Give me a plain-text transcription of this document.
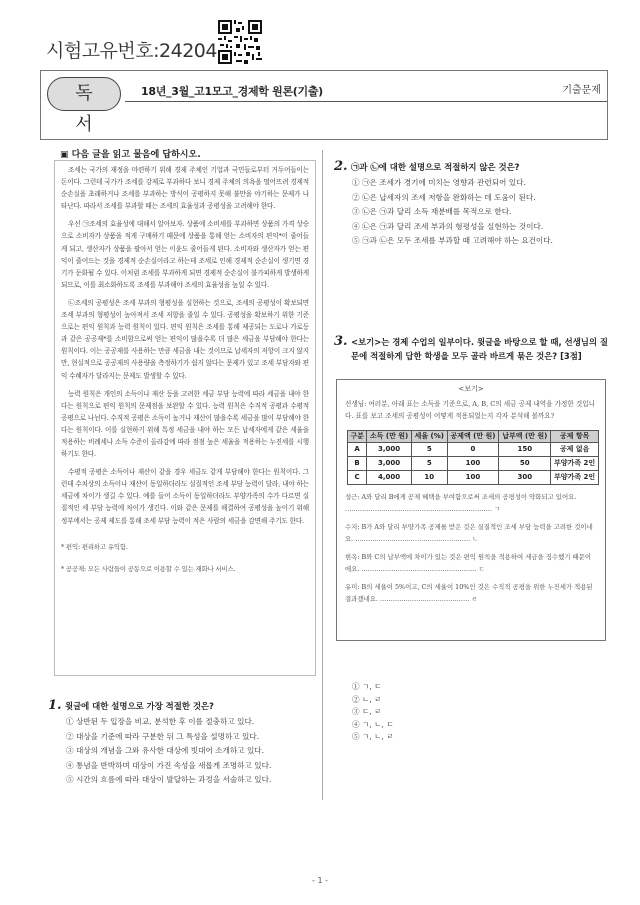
시험고유번호:24204
독 서
18년_3월_고1모고_경제학 원론(기출)	기출문제
▣ 다음 글을 읽고 물음에 답하시오.

조세는 국가의 재정을 마련하기 위해 경제 주체인 기업과 국민들로부터 거두어들이는 돈이다. 그런데 국가가 조세를 강제로 부과하다 보니 경제 주체의 의욕을 떨어뜨려 경제적 순손실을 초래하거나 조세를 부과하는 방식이 공평하지 못해 불만을 야기하는 문제가 나타난다. 따라서 조세를 부과할 때는 조세의 효율성과 공평성을 고려해야 한다.

우선 ㉠조세의 효율성에 대해서 알아보자. 상품에 소비세를 부과하면 상품의 가격 상승으로 소비자가 상품을 적게 구매하기 때문에 상품을 통해 얻는 소비자의 편익*이 줄어들게 되고, 생산자가 상품을 팔아서 얻는 이윤도 줄어들게 된다. 소비자와 생산자가 얻는 편익이 줄어드는 것을 경제적 순손실이라고 하는데 조세로 인해 경제적 순손실이 생기면 경기가 둔화될 수 있다. 이처럼 조세를 부과하게 되면 경제적 순손실이 불가피하게 발생하게 되므로, 이를 최소화하도록 조세를 부과해야 조세의 효율성을 높일 수 있다.

㉡조세의 공평성은 조세 부과의 형평성을 실현하는 것으로, 조세의 공평성이 확보되면 조세 부과의 형평성이 높아져서 조세 저항을 줄일 수 있다. 공평성을 확보하기 위한 기준으로는 편익 원칙과 능력 원칙이 있다. 편익 원칙은 조세를 통해 제공되는 도로나 가로등과 같은 공공재*를 소비함으로써 얻는 편익이 많을수록 더 많은 세금을 부담해야 한다는 원칙이다. 이는 공공재를 사용하는 만큼 세금을 내는 것이므로 납세자의 저항이 크지 않지만, 현실적으로 공공재의 사용량을 측정하기가 쉽지 않다는 문제가 있고 조세 부담자와 편익 수혜자가 달라지는 문제도 발생할 수 있다.

능력 원칙은 개인의 소득이나 재산 등을 고려한 세금 부담 능력에 따라 세금을 내야 한다는 원칙으로 편익 원칙의 문제점을 보완할 수 있다. 능력 원칙은 수직적 공평과 수평적 공평으로 나뉜다. 수직적 공평은 소득이 높거나 재산이 많을수록 세금을 많이 부담해야 한다는 원칙이다. 이를 실현하기 위해 특정 세금을 내야 하는 모든 납세자에게 같은 세율을 적용하는 비례세나 소득 수준이 올라감에 따라 점점 높은 세율을 적용하는 누진세를 시행하기도 한다.

수평적 공평은 소득이나 재산이 같을 경우 세금도 같게 부담해야 한다는 원칙이다. 그런데 수치상의 소득이나 재산이 동일하더라도 실질적인 조세 부담 능력이 달라, 내야 하는 세금에 차이가 생길 수 있다. 예를 들어 소득이 동일하더라도 부양가족의 수가 다르면 실질적인 세 부담 능력에 차이가 생긴다. 이와 같은 문제를 해결하여 공평성을 높이기 위해 정부에서는 공제 제도를 통해 조세 부담 능력이 적은 사람의 세금을 감면해 주기도 한다.

* 편익: 편리하고 유익함.

* 공공재: 모든 사람들이 공동으로 이용할 수 있는 재화나 서비스.

1. 윗글에 대한 설명으로 가장 적절한 것은?
① 상반된 두 입장을 비교, 분석한 후 이를 절충하고 있다.
② 대상을 기준에 따라 구분한 뒤 그 특성을 설명하고 있다.
③ 대상의 개념을 그와 유사한 대상에 빗대어 소개하고 있다.
④ 통념을 반박하며 대상이 가진 속성을 새롭게 조명하고 있다.
⑤ 시간의 흐름에 따라 대상이 발달하는 과정을 서술하고 있다.
2. ㉠과 ㉡에 대한 설명으로 적절하지 않은 것은?
① ㉠은 조세가 경기에 미치는 영향과 관련되어 있다.
② ㉡은 납세자의 조세 저항을 완화하는 데 도움이 된다.
③ ㉡은 ㉠과 달리 소득 재분배를 목적으로 한다.
④ ㉡은 ㉠과 달리 조세 부과의 형평성을 실현하는 것이다.
⑤ ㉠과 ㉡은 모두 조세를 부과할 때 고려해야 하는 요건이다.
3. <보기>는 경제 수업의 일부이다. 윗글을 바탕으로 할 때, 선생님의 질문에 적절하게 답한 학생을 모두 골라 바르게 묶은 것은? [3점]
① ㄱ, ㄷ
② ㄴ, ㄹ
③ ㄷ, ㄹ
④ ㄱ, ㄴ, ㄷ
⑤ ㄱ, ㄴ, ㄹ
<보기>
선생님: 여러분, 아래 표는 소득을 기준으로, A, B, C의 세금 공제 내역을 가정한 것입니다. 표를 보고 조세의 공평성이 어떻게 적용되었는지 각자 분석해 볼까요?
구분	소득 (만 원)	세율 (%)	공제액 (만 원)	납부액 (만 원)	공제 항목
A	3,000	5	0	150	공제 없음
B	3,000	5	100	50	부양가족 2인
C	4,000	10	100	300	부양가족 2인
성근: A와 달리 B에게 공제 혜택을 부여함으로써 조세의 공평성이 약화되고 있어요. …………………………………………………………… ㄱ
수지: B가 A와 달리 부양가족 공제를 받은 것은 실질적인 조세 부담 능력을 고려한 것이네요. ……………………………………………… ㄴ
현옥: B와 C의 납부액에 차이가 있는 것은 편익 원칙을 적용하여 세금을 징수했기 때문이에요. ……………………………………………… ㄷ
유미: B의 세율이 5%이고, C의 세율이 10%인 것은 수직적 공평을 위한 누진세가 적용된 결과겠네요. …………………………………… ㄹ
- 1 -
